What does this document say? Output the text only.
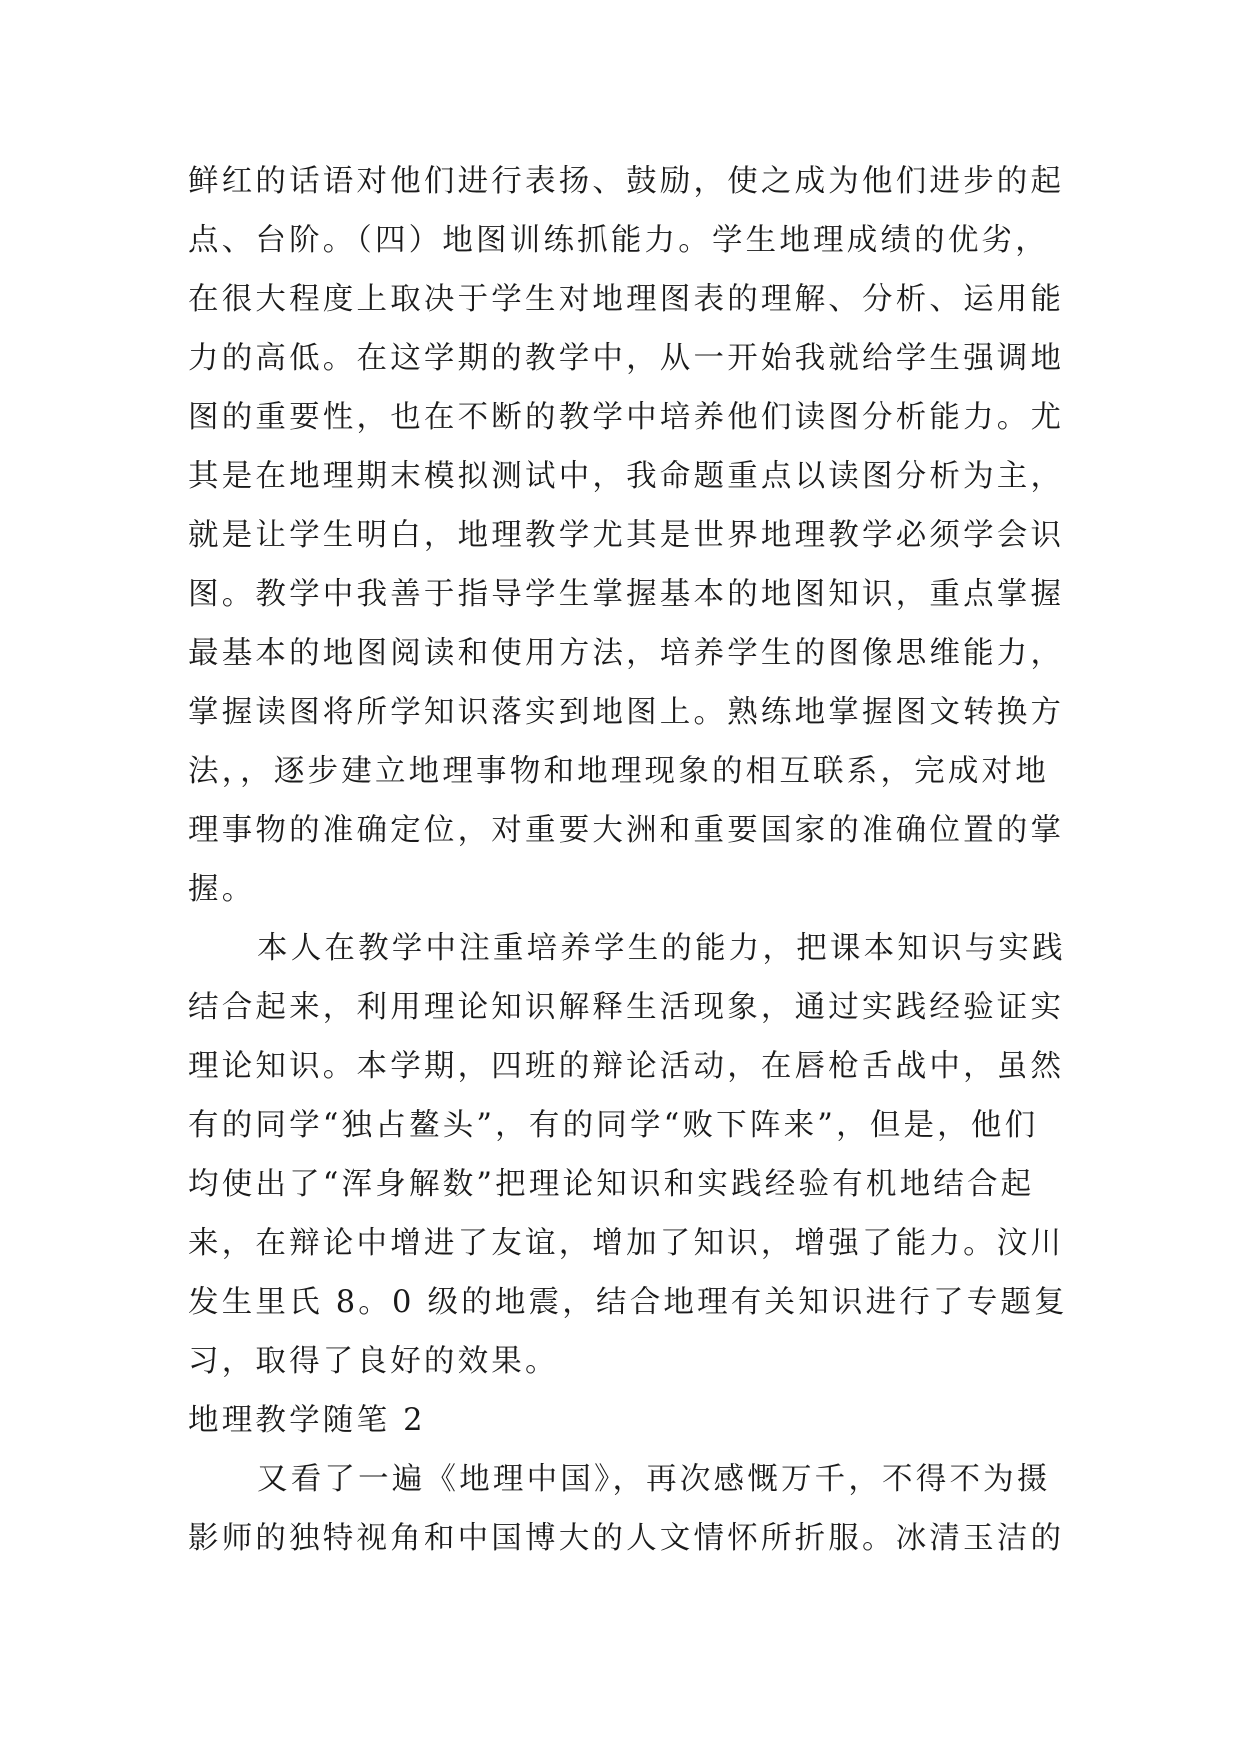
鲜红的话语对他们进行表扬、鼓励，使之成为他们进步的起
点、台阶。（四）地图训练抓能力。学生地理成绩的优劣，
在很大程度上取决于学生对地理图表的理解、分析、运用能
力的高低。在这学期的教学中，从一开始我就给学生强调地
图的重要性，也在不断的教学中培养他们读图分析能力。尤
其是在地理期末模拟测试中，我命题重点以读图分析为主，
就是让学生明白，地理教学尤其是世界地理教学必须学会识
图。教学中我善于指导学生掌握基本的地图知识，重点掌握
最基本的地图阅读和使用方法，培养学生的图像思维能力，
掌握读图将所学知识落实到地图上。熟练地掌握图文转换方
法，，逐步建立地理事物和地理现象的相互联系，完成对地
理事物的准确定位，对重要大洲和重要国家的准确位置的掌
握。
本人在教学中注重培养学生的能力，把课本知识与实践
结合起来，利用理论知识解释生活现象，通过实践经验证实
理论知识。本学期，四班的辩论活动，在唇枪舌战中，虽然
有的同学“独占鳌头”，有的同学“败下阵来”，但是，他们
均使出了“浑身解数”把理论知识和实践经验有机地结合起
来，在辩论中增进了友谊，增加了知识，增强了能力。汶川
发生里氏 8。0 级的地震，结合地理有关知识进行了专题复
习，取得了良好的效果。
地理教学随笔 2
又看了一遍《地理中国》，再次感慨万千，不得不为摄
影师的独特视角和中国博大的人文情怀所折服。冰清玉洁的
